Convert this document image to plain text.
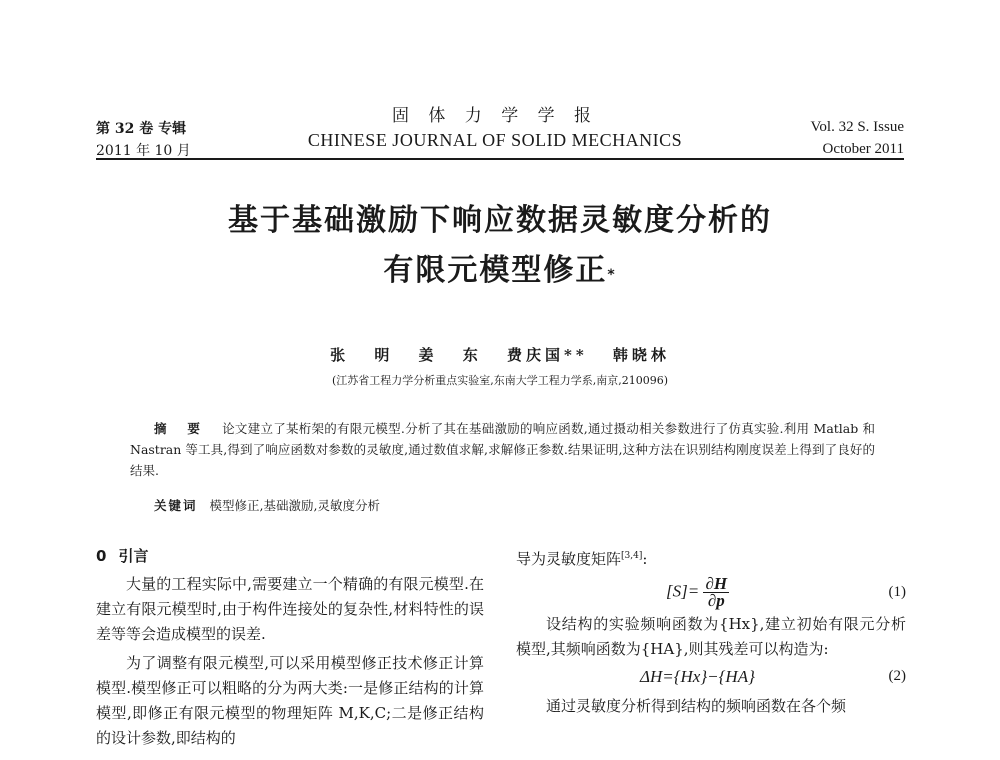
第 32 卷 专辑
2011 年 10 月
固 体 力 学 学 报
CHINESE JOURNAL OF SOLID MECHANICS
Vol. 32 S. Issue
October 2011
基于基础激励下响应数据灵敏度分析的
有限元模型修正*
张 明 姜 东 费庆国** 韩晓林
(江苏省工程力学分析重点实验室,东南大学工程力学系,南京,210096)
摘 要 论文建立了某桁架的有限元模型.分析了其在基础激励的响应函数,通过摄动相关参数进行了仿真实验.利用 Matlab 和 Nastran 等工具,得到了响应函数对参数的灵敏度,通过数值求解,求解修正参数.结果证明,这种方法在识别结构刚度误差上得到了良好的结果.
关键词 模型修正,基础激励,灵敏度分析
0 引言

大量的工程实际中,需要建立一个精确的有限元模型.在建立有限元模型时,由于构件连接处的复杂性,材料特性的误差等等会造成模型的误差.

为了调整有限元模型,可以采用模型修正技术修正计算模型.模型修正可以粗略的分为两大类:一是修正结构的计算模型,即修正有限元模型的物理矩阵 M,K,C;二是修正结构的设计参数,即结构的

导为灵敏度矩阵[3,4]:

$[S]= \frac{\partial H}{\partial p}$	(1)

设结构的实验频响函数为{Hx},建立初始有限元分析模型,其频响函数为{HA},则其残差可以构造为:

ΔH={Hx}−{HA}	(2)

通过灵敏度分析得到结构的频响函数在各个频
